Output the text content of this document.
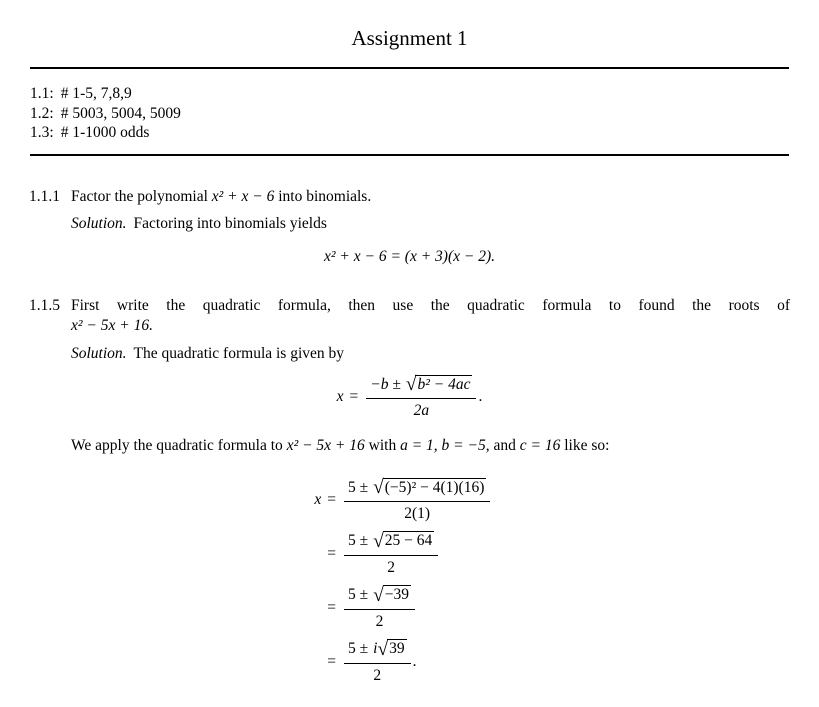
Assignment 1
1.1: # 1-5, 7,8,9
1.2: # 5003, 5004, 5009
1.3: # 1-1000 odds
1.1.1 Factor the polynomial x² + x − 6 into binomials.
Solution. Factoring into binomials yields
x² + x − 6 = (x + 3)(x − 2).
1.1.5 First write the quadratic formula, then use the quadratic formula to found the roots of
x² − 5x + 16.
Solution. The quadratic formula is given by
$x = \frac{\text{−b ± √ b² − 4ac}}{2a}$ .
We apply the quadratic formula to x² − 5x + 16 with a = 1, b = −5, and c = 16 like so:
$x = \frac{\text{5 ± √ (−5)² − 4(1)(16)}}{2(1)}$
= $\frac{5 \pm √ 25 - 64}{2}$
= $\frac{5 \pm √ -39}{2}$
= $\frac{5 \pm i√ 39}{2}$ .
